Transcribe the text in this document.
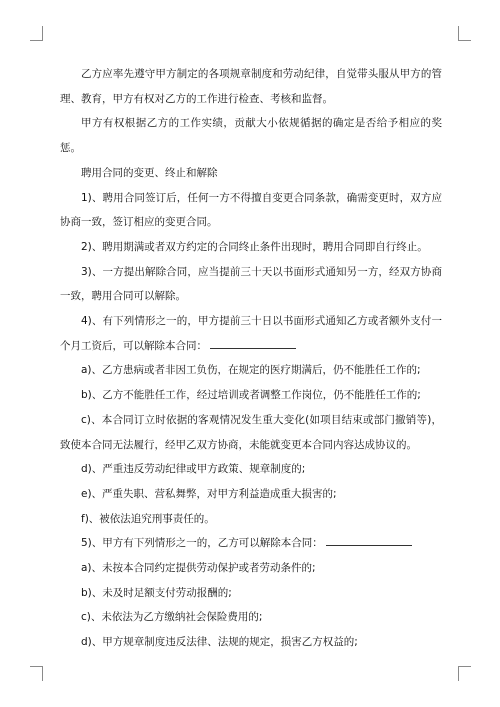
乙方应率先遵守甲方制定的各项规章制度和劳动纪律，自觉带头服从甲方的管理、教育，甲方有权对乙方的工作进行检查、考核和监督。

甲方有权根据乙方的工作实绩，贡献大小依规循据的确定是否给予相应的奖惩。

聘用合同的变更、终止和解除

1)、聘用合同签订后，任何一方不得擅自变更合同条款，确需变更时，双方应协商一致，签订相应的变更合同。

2)、聘用期满或者双方约定的合同终止条件出现时，聘用合同即自行终止。

3)、一方提出解除合同，应当提前三十天以书面形式通知另一方，经双方协商一致，聘用合同可以解除。

4)、有下列情形之一的，甲方提前三十日以书面形式通知乙方或者额外支付一个月工资后，可以解除本合同：

a)、乙方患病或者非因工负伤，在规定的医疗期满后，仍不能胜任工作的;

b)、乙方不能胜任工作，经过培训或者调整工作岗位，仍不能胜任工作的;

c)、本合同订立时依据的客观情况发生重大变化(如项目结束或部门撤销等)，致使本合同无法履行，经甲乙双方协商，未能就变更本合同内容达成协议的。

d)、严重违反劳动纪律或甲方政策、规章制度的;

e)、严重失职、营私舞弊，对甲方利益造成重大损害的;

f)、被依法追究刑事责任的。

5)、甲方有下列情形之一的，乙方可以解除本合同：

a)、未按本合同约定提供劳动保护或者劳动条件的;

b)、未及时足额支付劳动报酬的;

c)、未依法为乙方缴纳社会保险费用的;

d)、甲方规章制度违反法律、法规的规定，损害乙方权益的;
